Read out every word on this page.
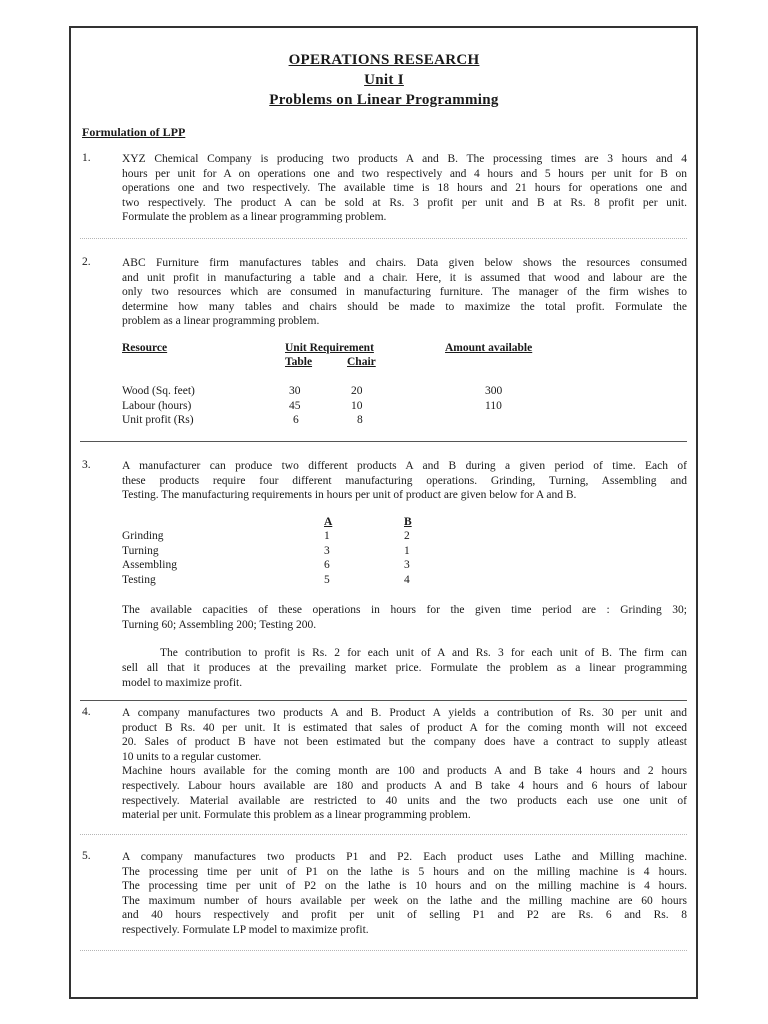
OPERATIONS RESEARCH
Unit I
Problems on Linear Programming
Formulation of LPP
1.	XYZ Chemical Company is producing two products A and B. The processing times are 3 hours and 4
hours per unit for A on operations one and two respectively and 4 hours and 5 hours per unit for B on
operations one and two respectively. The available time is 18 hours and 21 hours for operations one and
two respectively. The product A can be sold at Rs. 3 profit per unit and B at Rs. 8 profit per unit.
Formulate the problem as a linear programming problem.
2.	ABC Furniture firm manufactures tables and chairs. Data given below shows the resources consumed
and unit profit in manufacturing a table and a chair. Here, it is assumed that wood and labour are the
only two resources which are consumed in manufacturing furniture. The manager of the firm wishes to
determine how many tables and chairs should be made to maximize the total profit. Formulate the
problem as a linear programming problem.
Resource	Unit Requirement	Amount available
Table	Chair
Wood (Sq. feet)	30	20	300
Labour (hours)	45	10	110
Unit profit (Rs)	6	8
3.	A manufacturer can produce two different products A and B during a given period of time. Each of
these products require four different manufacturing operations. Grinding, Turning, Assembling and
Testing. The manufacturing requirements in hours per unit of product are given below for A and B.
A	B
Grinding	1	2
Turning	3	1
Assembling	6	3
Testing	5	4
The available capacities of these operations in hours for the given time period are : Grinding 30;
Turning 60; Assembling 200; Testing 200.
The contribution to profit is Rs. 2 for each unit of A and Rs. 3 for each unit of B. The firm can
sell all that it produces at the prevailing market price. Formulate the problem as a linear programming
model to maximize profit.
4.	A company manufactures two products A and B. Product A yields a contribution of Rs. 30 per unit and
product B Rs. 40 per unit. It is estimated that sales of product A for the coming month will not exceed
20. Sales of product B have not been estimated but the company does have a contract to supply atleast
10 units to a regular customer.
Machine hours available for the coming month are 100 and products A and B take 4 hours and 2 hours
respectively. Labour hours available are 180 and products A and B take 4 hours and 6 hours of labour
respectively. Material available are restricted to 40 units and the two products each use one unit of
material per unit. Formulate this problem as a linear programming problem.
5.	A company manufactures two products P1 and P2. Each product uses Lathe and Milling machine.
The processing time per unit of P1 on the lathe is 5 hours and on the milling machine is 4 hours.
The processing time per unit of P2 on the lathe is 10 hours and on the milling machine is 4 hours.
The maximum number of hours available per week on the lathe and the milling machine are 60 hours
and 40 hours respectively and profit per unit of selling P1 and P2 are Rs. 6 and Rs. 8
respectively. Formulate LP model to maximize profit.
